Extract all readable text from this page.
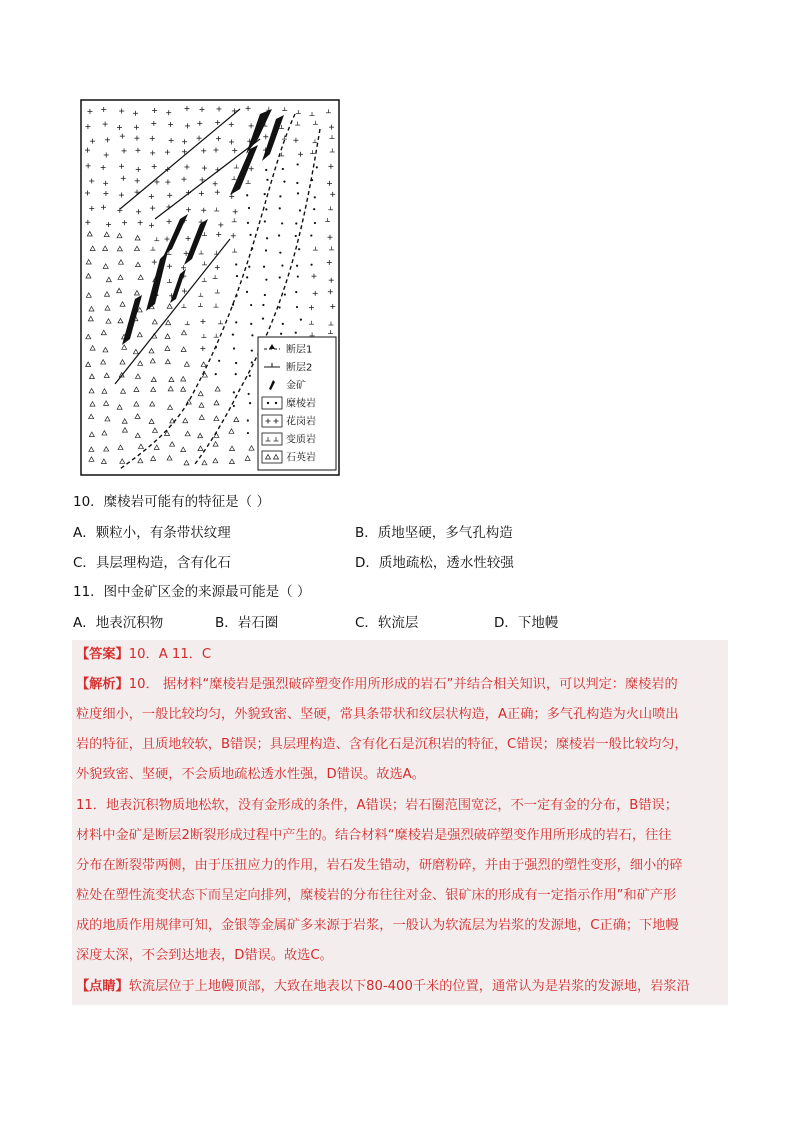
断层1
断层2
金矿
糜棱岩
花岗岩
变质岩
石英岩
10．糜棱岩可能有的特征是（ ）
A．颗粒小，有条带状纹理	B．质地坚硬，多气孔构造
C．具层理构造，含有化石	D．质地疏松，透水性较强
11．图中金矿区金的来源最可能是（ ）
A．地表沉积物	B．岩石圈	C．软流层	D．下地幔
【答案】10．A 11．C
【解析】10． 据材料“糜棱岩是强烈破碎塑变作用所形成的岩石”并结合相关知识，可以判定：糜棱岩的
粒度细小，一般比较均匀，外貌致密、坚硬，常具条带状和纹层状构造，A正确；多气孔构造为火山喷出
岩的特征，且质地较软，B错误；具层理构造、含有化石是沉积岩的特征，C错误；糜棱岩一般比较均匀，
外貌致密、坚硬，不会质地疏松透水性强，D错误。故选A。
11．地表沉积物质地松软，没有金形成的条件，A错误；岩石圈范围宽泛，不一定有金的分布，B错误；
材料中金矿是断层2断裂形成过程中产生的。结合材料“糜棱岩是强烈破碎塑变作用所形成的岩石，往往
分布在断裂带两侧，由于压扭应力的作用，岩石发生错动，研磨粉碎，并由于强烈的塑性变形，细小的碎
粒处在塑性流变状态下而呈定向排列，糜棱岩的分布往往对金、银矿床的形成有一定指示作用”和矿产形
成的地质作用规律可知，金银等金属矿多来源于岩浆，一般认为软流层为岩浆的发源地，C正确；下地幔
深度太深，不会到达地表，D错误。故选C。
【点睛】软流层位于上地幔顶部，大致在地表以下80-400千米的位置，通常认为是岩浆的发源地，岩浆沿
